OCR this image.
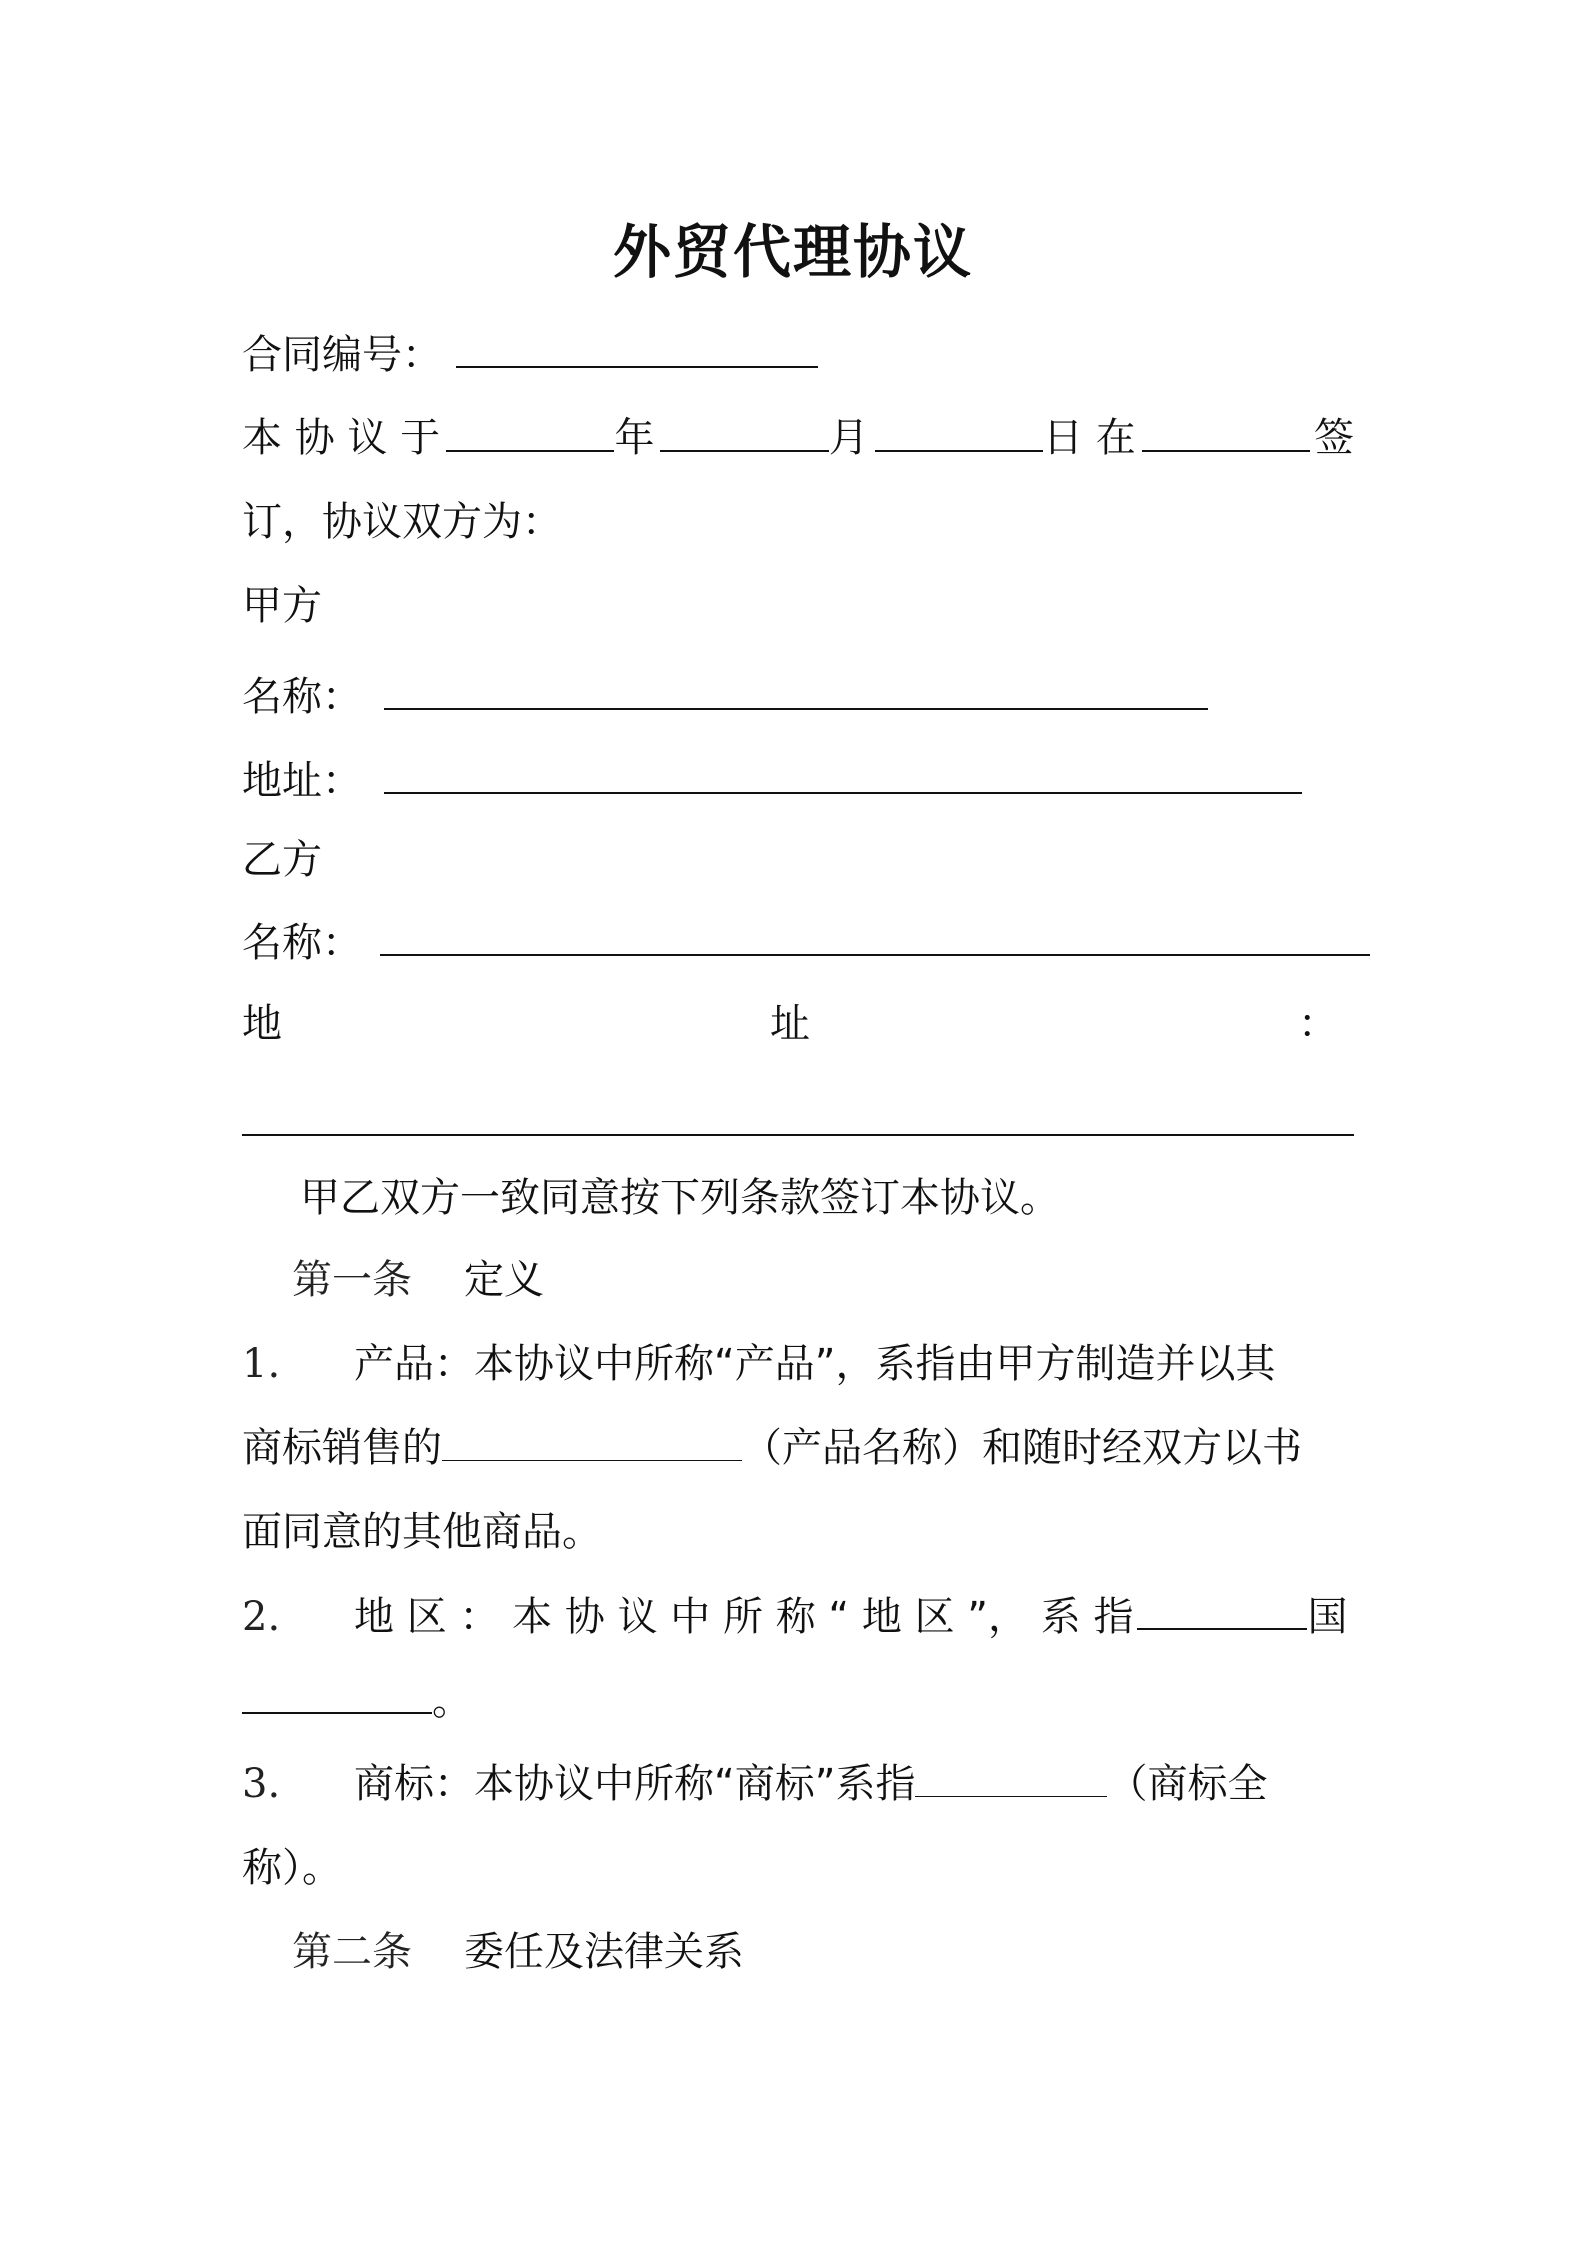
外贸代理协议
合同编号：
本 协 议 于	年	月	日 在	签
订，协议双方为：
甲方
名称：
地址：
乙方
名称：
地	址	：
甲乙双方一致同意按下列条款签订本协议。
第一条 定义
1. 产品：本协议中所称“产品”，系指由甲方制造并以其
商标销售的	（产品名称）和随时经双方以书
面同意的其他商品。
2. 地 区 ： 本 协 议 中 所 称 “ 地 区 ”， 系 指	国
。
3. 商标：本协议中所称“商标”系指	（商标全
称）。
第二条 委任及法律关系
